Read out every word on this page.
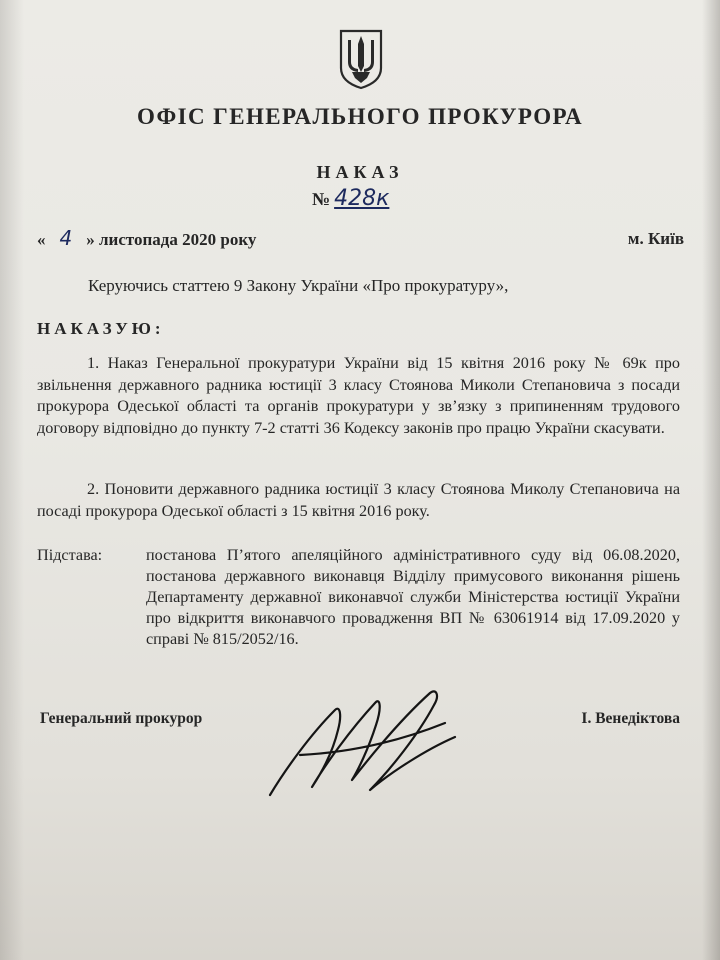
ОФІС ГЕНЕРАЛЬНОГО ПРОКУРОРА
НАКАЗ
№ 428к
« 4 » листопада 2020 року	м. Київ
Керуючись статтею 9 Закону України «Про прокуратуру»,
НАКАЗУЮ:
1. Наказ Генеральної прокуратури України від 15 квітня 2016 року № 69к про звільнення державного радника юстиції 3 класу Стоянова Миколи Степановича з посади прокурора Одеської області та органів прокуратури у зв’язку з припиненням трудового договору відповідно до пункту 7-2 статті 36 Кодексу законів про працю України скасувати.
2. Поновити державного радника юстиції 3 класу Стоянова Миколу Степановича на посаді прокурора Одеської області з 15 квітня 2016 року.
Підстава:	постанова П’ятого апеляційного адміністративного суду від 06.08.2020, постанова державного виконавця Відділу примусового виконання рішень Департаменту державної виконавчої служби Міністерства юстиції України про відкриття виконавчого провадження ВП № 63061914 від 17.09.2020 у справі № 815/2052/16.
Генеральний прокурор	І. Венедіктова
